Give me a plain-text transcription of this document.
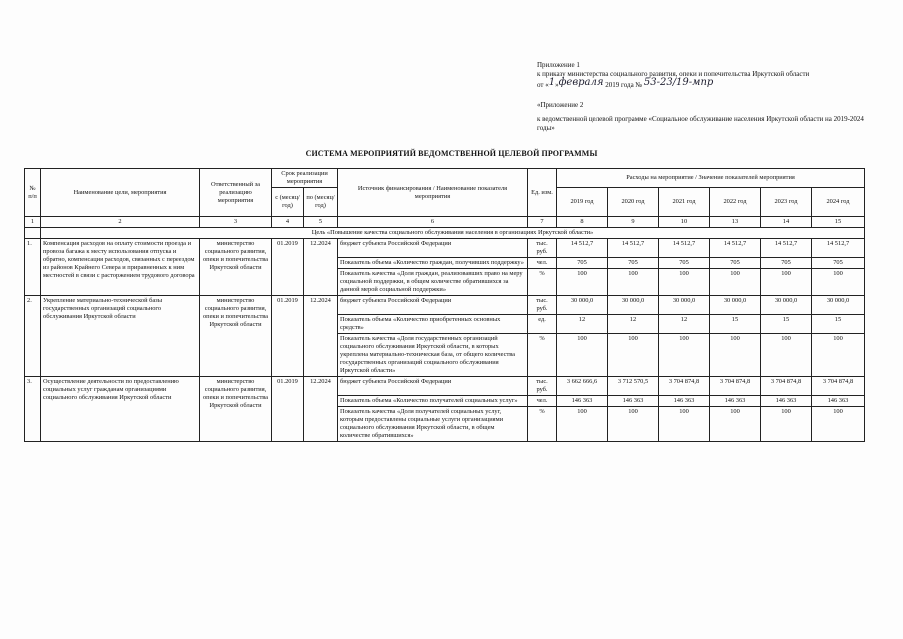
Приложение 1
к приказу министерства социального развития, опеки и попечительства Иркутской области
от «1»февраля 2019 года № 53-23/19-мпр
«Приложение 2
к ведомственной целевой программе «Социальное обслуживание населения Иркутской области на 2019-2024 годы»
СИСТЕМА МЕРОПРИЯТИЙ ВЕДОМСТВЕННОЙ ЦЕЛЕВОЙ ПРОГРАММЫ
№ п/п	Наименование цели, мероприятия	Ответственный за реализацию мероприятия	Срок реализации мероприятия		Источник финансирования / Наименование показателя мероприятия	Ед. изм.	Расходы на мероприятие / Значение показателей мероприятия					
			с (месяц/год)	по (месяц/год)			2019 год	2020 год	2021 год	2022 год	2023 год	2024 год
1	2	3	4	5	6	7	8	9	10	13	14	15
	Цель «Повышение качества социального обслуживания населения в организациях Иркутской области»											
1.	Компенсация расходов на оплату стоимости проезда и провоза багажа к месту использования отпуска и обратно, компенсация расходов, связанных с переездом из районов Крайнего Севера и приравненных к ним местностей в связи с расторжением трудового договора	министерство социального развития, опеки и попечительства Иркутской области	01.2019	12.2024	бюджет субъекта Российской Федерации	тыс. руб.	14 512,7	14 512,7	14 512,7	14 512,7	14 512,7	14 512,7
					Показатель объема «Количество граждан, получивших поддержку»	чел.	705	705	705	705	705	705
					Показатель качества «Доля граждан, реализовавших право на меру социальной поддержки, в общем количестве обратившихся за данной мерой социальной поддержки»	%	100	100	100	100	100	100
2.	Укрепление материально-технической базы государственных организаций социального обслуживания Иркутской области	министерство социального развития, опеки и попечительства Иркутской области	01.2019	12.2024	бюджет субъекта Российской Федерации	тыс. руб.	30 000,0	30 000,0	30 000,0	30 000,0	30 000,0	30 000,0
					Показатель объема «Количество приобретенных основных средств»	ед.	12	12	12	15	15	15
					Показатель качества «Доля государственных организаций социального обслуживания Иркутской области, в которых укреплена материально-техническая база, от общего количества государственных организаций социального обслуживания Иркутской области»	%	100	100	100	100	100	100
3.	Осуществление деятельности по предоставлению социальных услуг гражданам организациями социального обслуживания Иркутской области	министерство социального развития, опеки и попечительства Иркутской области	01.2019	12.2024	бюджет субъекта Российской Федерации	тыс. руб.	3 662 666,6	3 712 570,5	3 704 874,8	3 704 874,8	3 704 874,8	3 704 874,8
					Показатель объема «Количество получателей социальных услуг»	чел.	146 363	146 363	146 363	146 363	146 363	146 363
					Показатель качества «Доля получателей социальных услуг, которым предоставлены социальные услуги организациями социального обслуживания Иркутской области, в общем количестве обратившихся»	%	100	100	100	100	100	100
